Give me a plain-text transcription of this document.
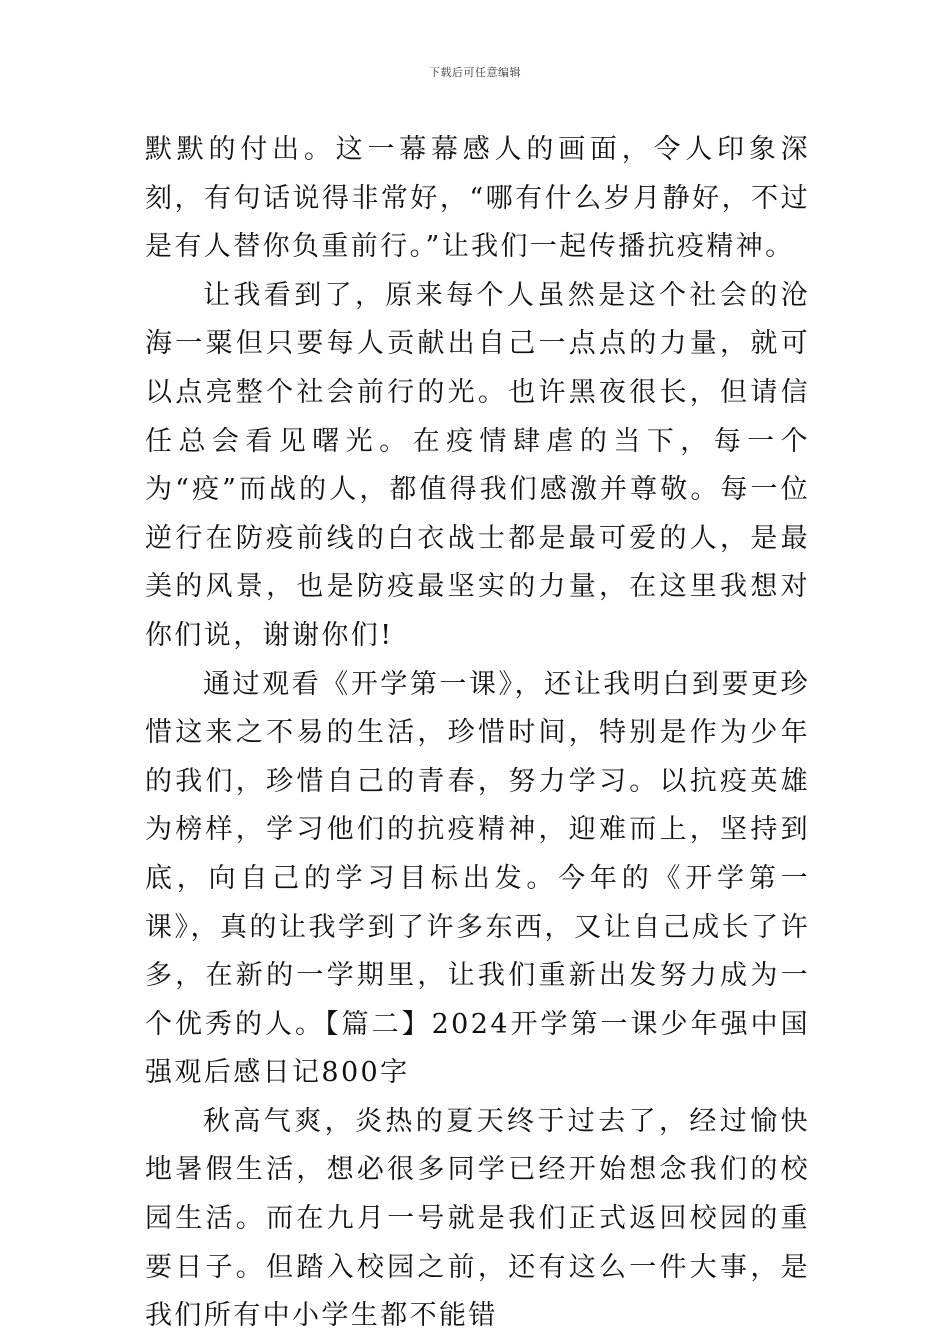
下载后可任意编辑

默默的付出。这一幕幕感人的画面，令人印象深刻，有句话说得非常好，“哪有什么岁月静好，不过是有人替你负重前行。”让我们一起传播抗疫精神。

让我看到了，原来每个人虽然是这个社会的沧海一粟但只要每人贡献出自己一点点的力量，就可以点亮整个社会前行的光。也许黑夜很长，但请信任总会看见曙光。在疫情肆虐的当下，每一个为“疫”而战的人，都值得我们感激并尊敬。每一位逆行在防疫前线的白衣战士都是最可爱的人，是最美的风景，也是防疫最坚实的力量，在这里我想对你们说，谢谢你们!

通过观看《开学第一课》，还让我明白到要更珍惜这来之不易的生活，珍惜时间，特别是作为少年的我们，珍惜自己的青春，努力学习。以抗疫英雄为榜样，学习他们的抗疫精神，迎难而上，坚持到底，向自己的学习目标出发。今年的《开学第一课》，真的让我学到了许多东西，又让自己成长了许多，在新的一学期里，让我们重新出发努力成为一个优秀的人。【篇二】2024开学第一课少年强中国强观后感日记800字

秋高气爽，炎热的夏天终于过去了，经过愉快地暑假生活，想必很多同学已经开始想念我们的校园生活。而在九月一号就是我们正式返回校园的重要日子。但踏入校园之前，还有这么一件大事，是我们所有中小学生都不能错
